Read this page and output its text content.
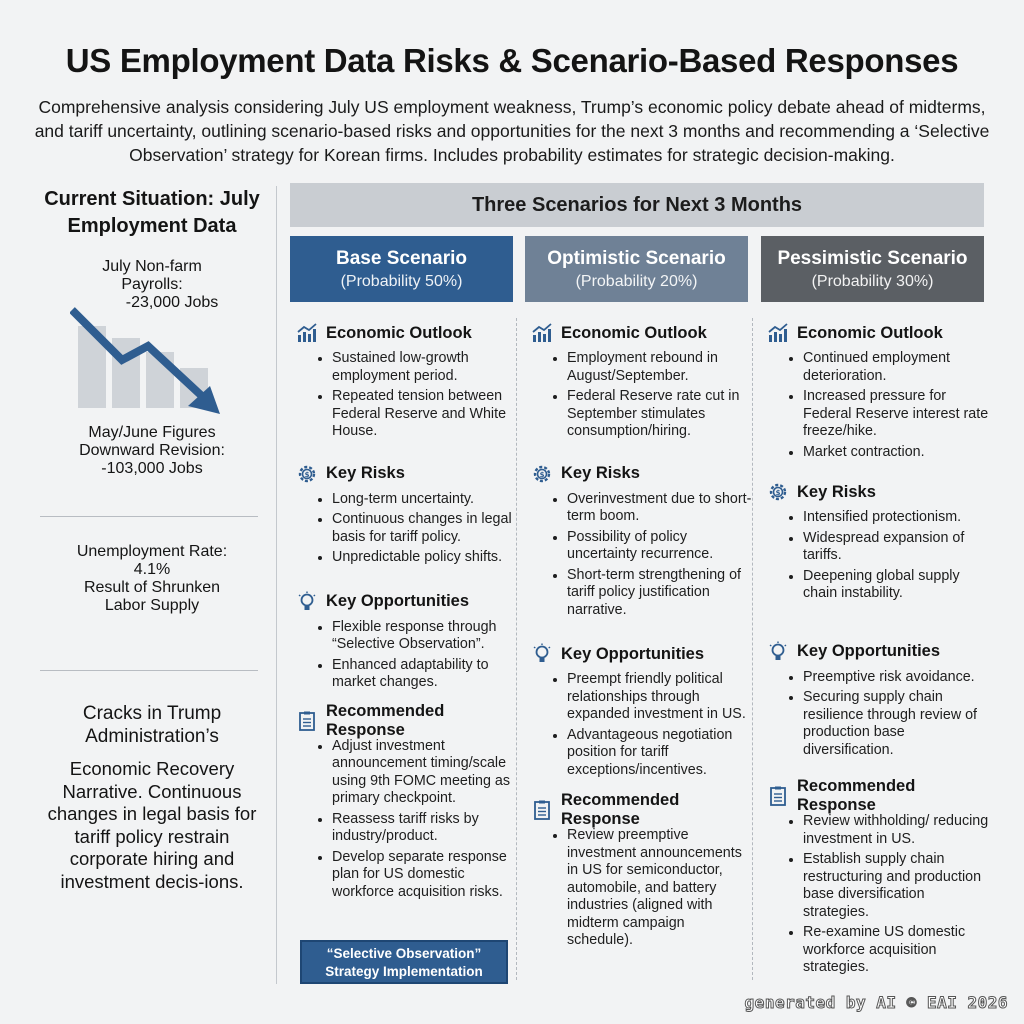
US Employment Data Risks & Scenario-Based Responses

Comprehensive analysis considering July US employment weakness, Trump’s economic policy debate ahead of midterms, and tariff uncertainty, outlining scenario-based risks and opportunities for the next 3 months and recommending a ‘Selective Observation’ strategy for Korean firms. Includes probability estimates for strategic decision-making.

Current Situation: July Employment Data
July Non-farm Payrolls:
-23,000 Jobs
May/June Figures Downward Revision:
-103,000 Jobs
Unemployment Rate:
4.1%
Result of Shrunken Labor Supply
Cracks in Trump Administration’s
Economic Recovery Narrative. Continuous changes in legal basis for tariff policy restrain corporate hiring and investment decis-ions.
Three Scenarios for Next 3 Months
Base Scenario
(Probability 50%)
Optimistic Scenario
(Probability 20%)
Pessimistic Scenario
(Probability 30%)
Economic Outlook
• Sustained low-growth employment period.
• Repeated tension between Federal Reserve and White House.
$ Key Risks
• Long-term uncertainty.
• Continuous changes in legal basis for tariff policy.
• Unpredictable policy shifts.
Key Opportunities
• Flexible response through “Selective Observation”.
• Enhanced adaptability to market changes.
Recommended Response
• Adjust investment announcement timing/scale using 9th FOMC meeting as primary checkpoint.
• Reassess tariff risks by industry/product.
• Develop separate response plan for US domestic workforce acquisition risks.
Economic Outlook
• Employment rebound in August/September.
• Federal Reserve rate cut in September stimulates consumption/hiring.
$ Key Risks
• Overinvestment due to short-term boom.
• Possibility of policy uncertainty recurrence.
• Short-term strengthening of tariff policy justification narrative.
Key Opportunities
• Preempt friendly political relationships through expanded investment in US.
• Advantageous negotiation position for tariff exceptions/incentives.
Recommended Response
• Review preemptive investment announcements in US for semiconductor, automobile, and battery industries (aligned with midterm campaign schedule).
Economic Outlook
• Continued employment deterioration.
• Increased pressure for Federal Reserve interest rate freeze/hike.
• Market contraction.
$ Key Risks
• Intensified protectionism.
• Widespread expansion of tariffs.
• Deepening global supply chain instability.
Key Opportunities
• Preemptive risk avoidance.
• Securing supply chain resilience through review of production base diversification.
Recommended Response
• Review withholding/ reducing investment in US.
• Establish supply chain restructuring and production base diversification strategies.
• Re-examine US domestic workforce acquisition strategies.
“Selective Observation” Strategy Implementation
generated by AI © EAI 2026
